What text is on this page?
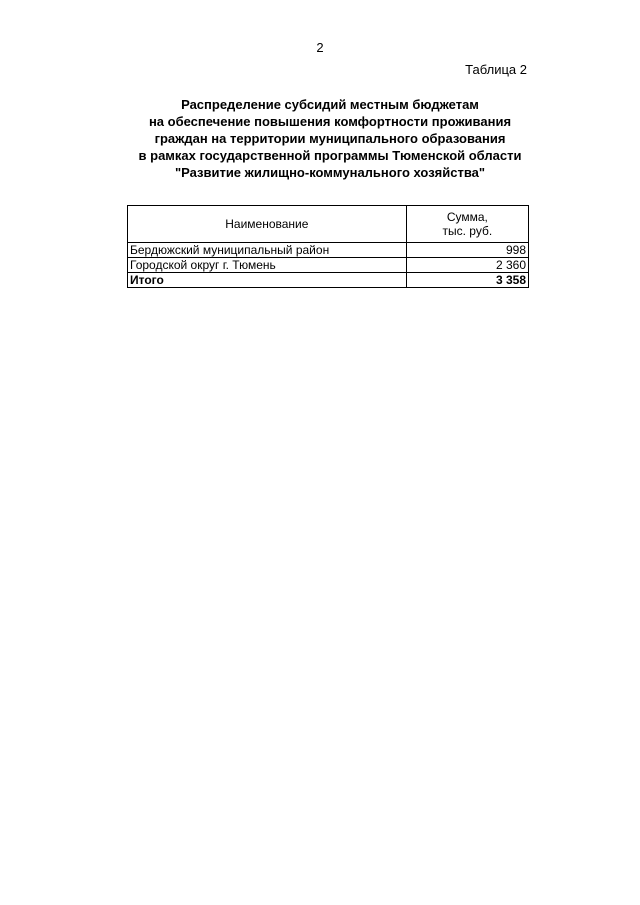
2
Таблица 2
Распределение субсидий местным бюджетам
на обеспечение повышения комфортности проживания
граждан на территории муниципального образования
в рамках государственной программы Тюменской области
"Развитие жилищно-коммунального хозяйства"
Наименование	Сумма,
тыс. руб.
Бердюжский муниципальный район	998
Городской округ г. Тюмень	2 360
Итого	3 358
